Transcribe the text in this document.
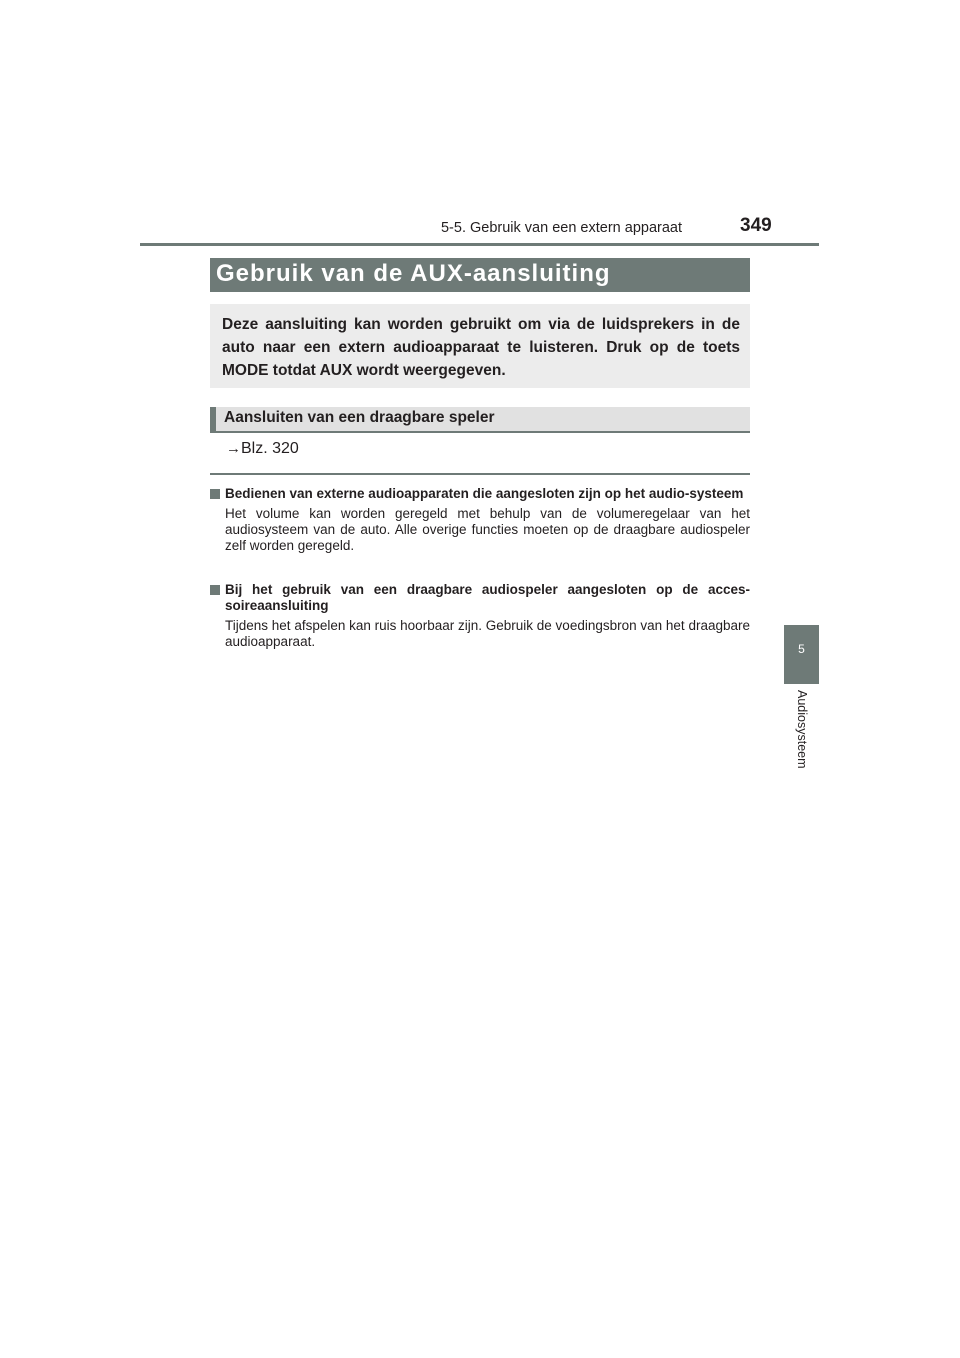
5-5. Gebruik van een extern apparaat	349
5
Audiosysteem
Gebruik van de AUX-aansluiting
Deze aansluiting kan worden gebruikt om via de luidsprekers in de auto naar een extern audioapparaat te luisteren. Druk op de toets MODE totdat AUX wordt weergegeven.
Aansluiten van een draagbare speler
→Blz. 320
Bedienen van externe audioapparaten die aangesloten zijn op het audio-systeem
Het volume kan worden geregeld met behulp van de volumeregelaar van het audiosysteem van de auto. Alle overige functies moeten op de draagbare audiospeler zelf worden geregeld.
Bij het gebruik van een draagbare audiospeler aangesloten op de acces-soireaansluiting
Tijdens het afspelen kan ruis hoorbaar zijn. Gebruik de voedingsbron van het draagbare audioapparaat.
